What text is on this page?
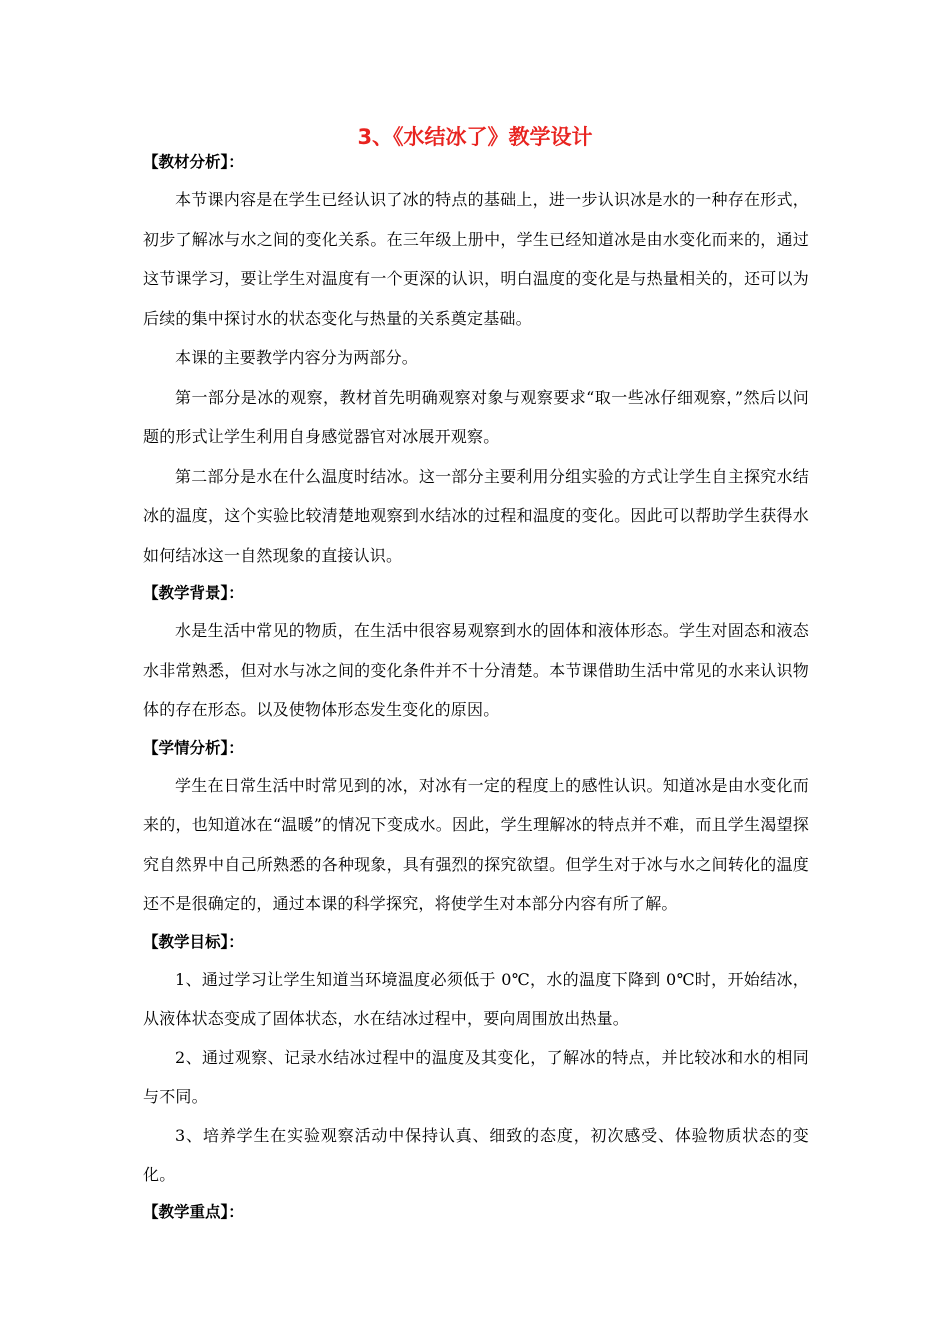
3、《水结冰了》教学设计
【教材分析】：

本节课内容是在学生已经认识了冰的特点的基础上，进一步认识冰是水的一种存在形式，初步了解冰与水之间的变化关系。在三年级上册中，学生已经知道冰是由水变化而来的，通过这节课学习，要让学生对温度有一个更深的认识，明白温度的变化是与热量相关的，还可以为后续的集中探讨水的状态变化与热量的关系奠定基础。

本课的主要教学内容分为两部分。

第一部分是冰的观察，教材首先明确观察对象与观察要求“取一些冰仔细观察，”然后以问题的形式让学生利用自身感觉器官对冰展开观察。

第二部分是水在什么温度时结冰。这一部分主要利用分组实验的方式让学生自主探究水结冰的温度，这个实验比较清楚地观察到水结冰的过程和温度的变化。因此可以帮助学生获得水如何结冰这一自然现象的直接认识。

【教学背景】：

水是生活中常见的物质，在生活中很容易观察到水的固体和液体形态。学生对固态和液态水非常熟悉，但对水与冰之间的变化条件并不十分清楚。本节课借助生活中常见的水来认识物体的存在形态。以及使物体形态发生变化的原因。

【学情分析】：

学生在日常生活中时常见到的冰，对冰有一定的程度上的感性认识。知道冰是由水变化而来的，也知道冰在“温暖”的情况下变成水。因此，学生理解冰的特点并不难，而且学生渴望探究自然界中自己所熟悉的各种现象，具有强烈的探究欲望。但学生对于冰与水之间转化的温度还不是很确定的，通过本课的科学探究，将使学生对本部分内容有所了解。

【教学目标】：

1、通过学习让学生知道当环境温度必须低于 0℃，水的温度下降到 0℃时，开始结冰，从液体状态变成了固体状态，水在结冰过程中，要向周围放出热量。

2、通过观察、记录水结冰过程中的温度及其变化，了解冰的特点，并比较冰和水的相同与不同。

3、培养学生在实验观察活动中保持认真、细致的态度，初次感受、体验物质状态的变化。

【教学重点】：
